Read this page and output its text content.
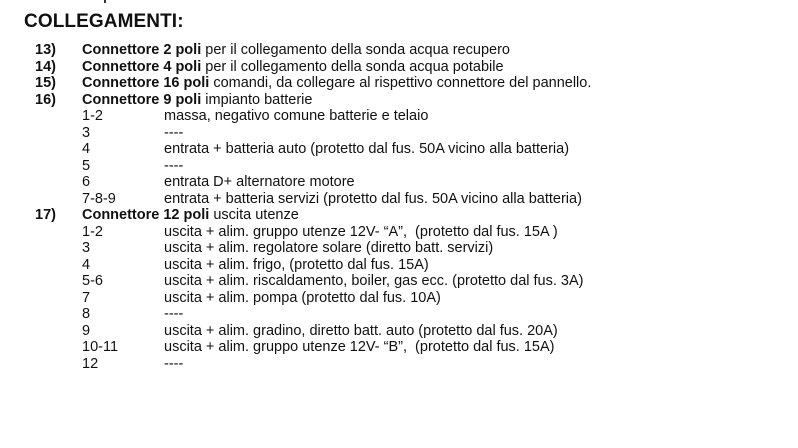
COLLEGAMENTI:
13) Connettore 2 poli per il collegamento della sonda acqua recupero
14) Connettore 4 poli per il collegamento della sonda acqua potabile
15) Connettore 16 poli comandi, da collegare al rispettivo connettore del pannello.
16) Connettore 9 poli impianto batterie
1-2	massa, negativo comune batterie e telaio
3	----
4	entrata + batteria auto (protetto dal fus. 50A vicino alla batteria)
5	----
6	entrata D+ alternatore motore
7-8-9	entrata + batteria servizi (protetto dal fus. 50A vicino alla batteria)
17) Connettore 12 poli uscita utenze
1-2	uscita + alim. gruppo utenze 12V- “A”,  (protetto dal fus. 15A )
3	uscita + alim. regolatore solare (diretto batt. servizi)
4	uscita + alim. frigo, (protetto dal fus. 15A)
5-6	uscita + alim. riscaldamento, boiler, gas ecc. (protetto dal fus. 3A)
7	uscita + alim. pompa (protetto dal fus. 10A)
8	----
9	uscita + alim. gradino, diretto batt. auto (protetto dal fus. 20A)
10-11	uscita + alim. gruppo utenze 12V- “B”,  (protetto dal fus. 15A)
12	----
